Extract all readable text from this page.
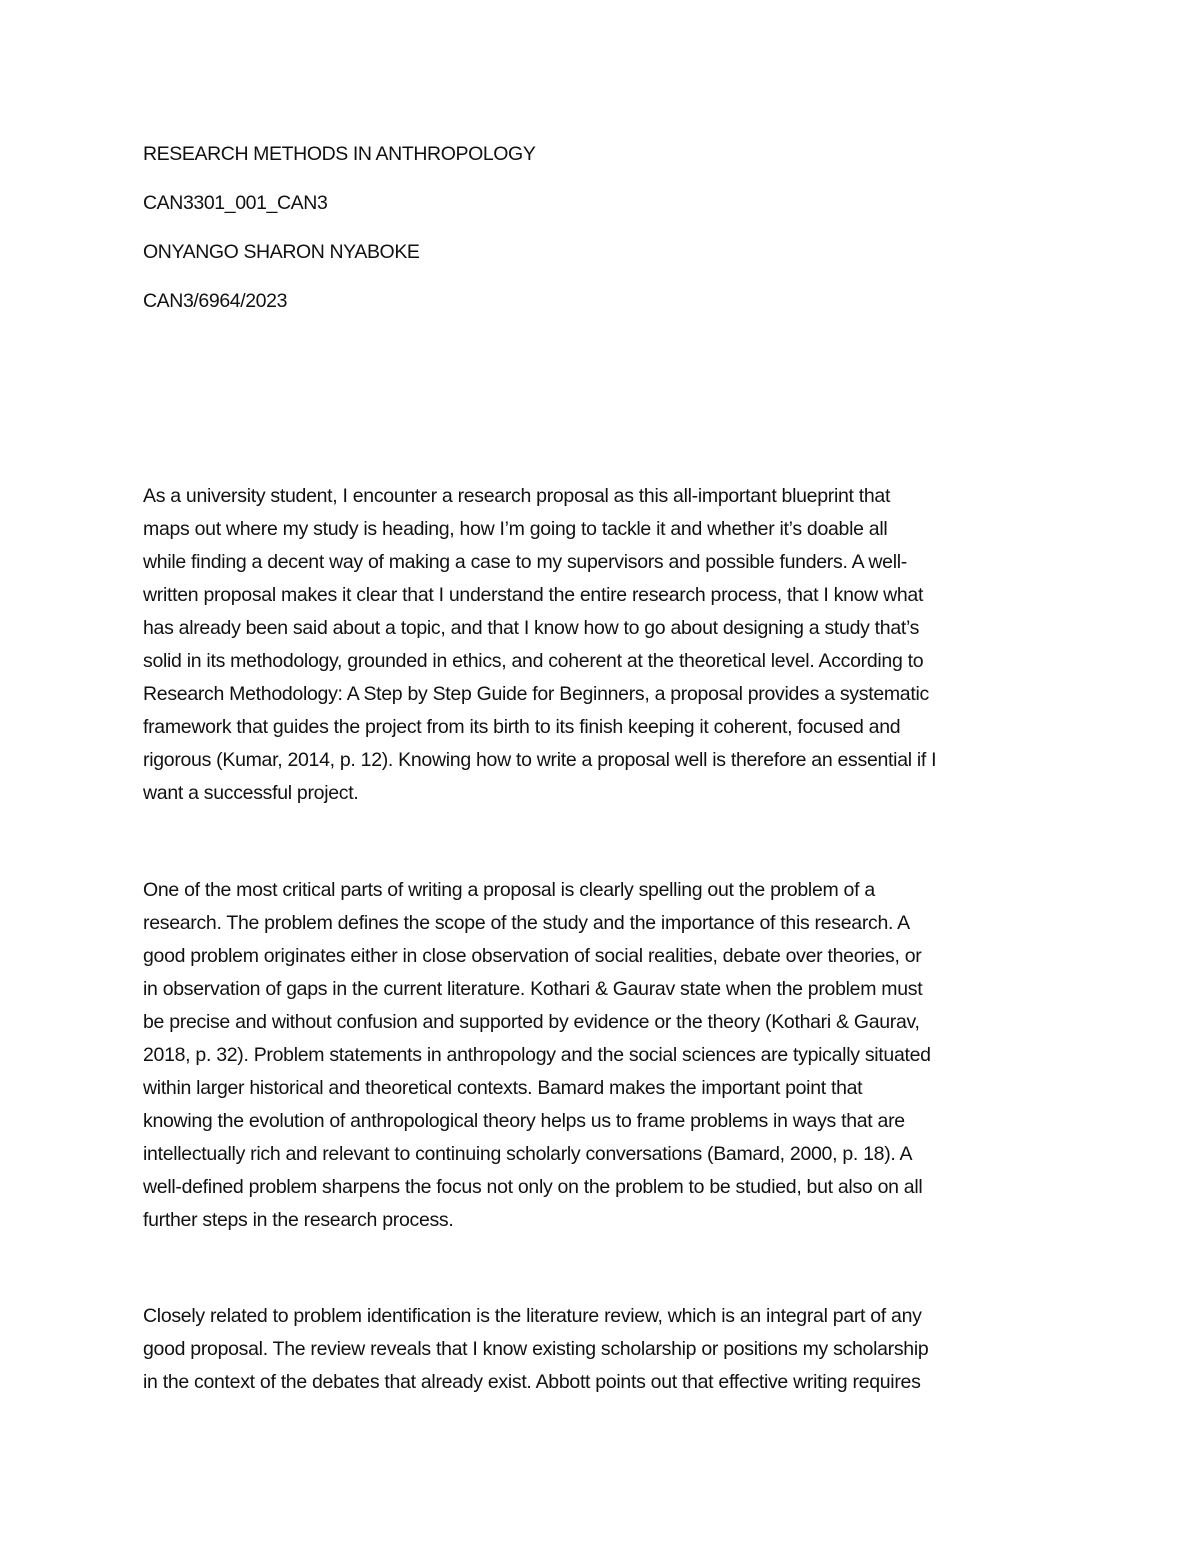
RESEARCH METHODS IN ANTHROPOLOGY
CAN3301_001_CAN3
ONYANGO SHARON NYABOKE
CAN3/6964/2023
As a university student, I encounter a research proposal as this all-important blueprint that
maps out where my study is heading, how I’m going to tackle it and whether it’s doable all
while finding a decent way of making a case to my supervisors and possible funders. A well-
written proposal makes it clear that I understand the entire research process, that I know what
has already been said about a topic, and that I know how to go about designing a study that’s
solid in its methodology, grounded in ethics, and coherent at the theoretical level. According to
Research Methodology: A Step by Step Guide for Beginners, a proposal provides a systematic
framework that guides the project from its birth to its finish keeping it coherent, focused and
rigorous (Kumar, 2014, p. 12). Knowing how to write a proposal well is therefore an essential if I
want a successful project.
One of the most critical parts of writing a proposal is clearly spelling out the problem of a
research. The problem defines the scope of the study and the importance of this research. A
good problem originates either in close observation of social realities, debate over theories, or
in observation of gaps in the current literature. Kothari & Gaurav state when the problem must
be precise and without confusion and supported by evidence or the theory (Kothari & Gaurav,
2018, p. 32). Problem statements in anthropology and the social sciences are typically situated
within larger historical and theoretical contexts. Bamard makes the important point that
knowing the evolution of anthropological theory helps us to frame problems in ways that are
intellectually rich and relevant to continuing scholarly conversations (Bamard, 2000, p. 18). A
well-defined problem sharpens the focus not only on the problem to be studied, but also on all
further steps in the research process.
Closely related to problem identification is the literature review, which is an integral part of any
good proposal. The review reveals that I know existing scholarship or positions my scholarship
in the context of the debates that already exist. Abbott points out that effective writing requires
